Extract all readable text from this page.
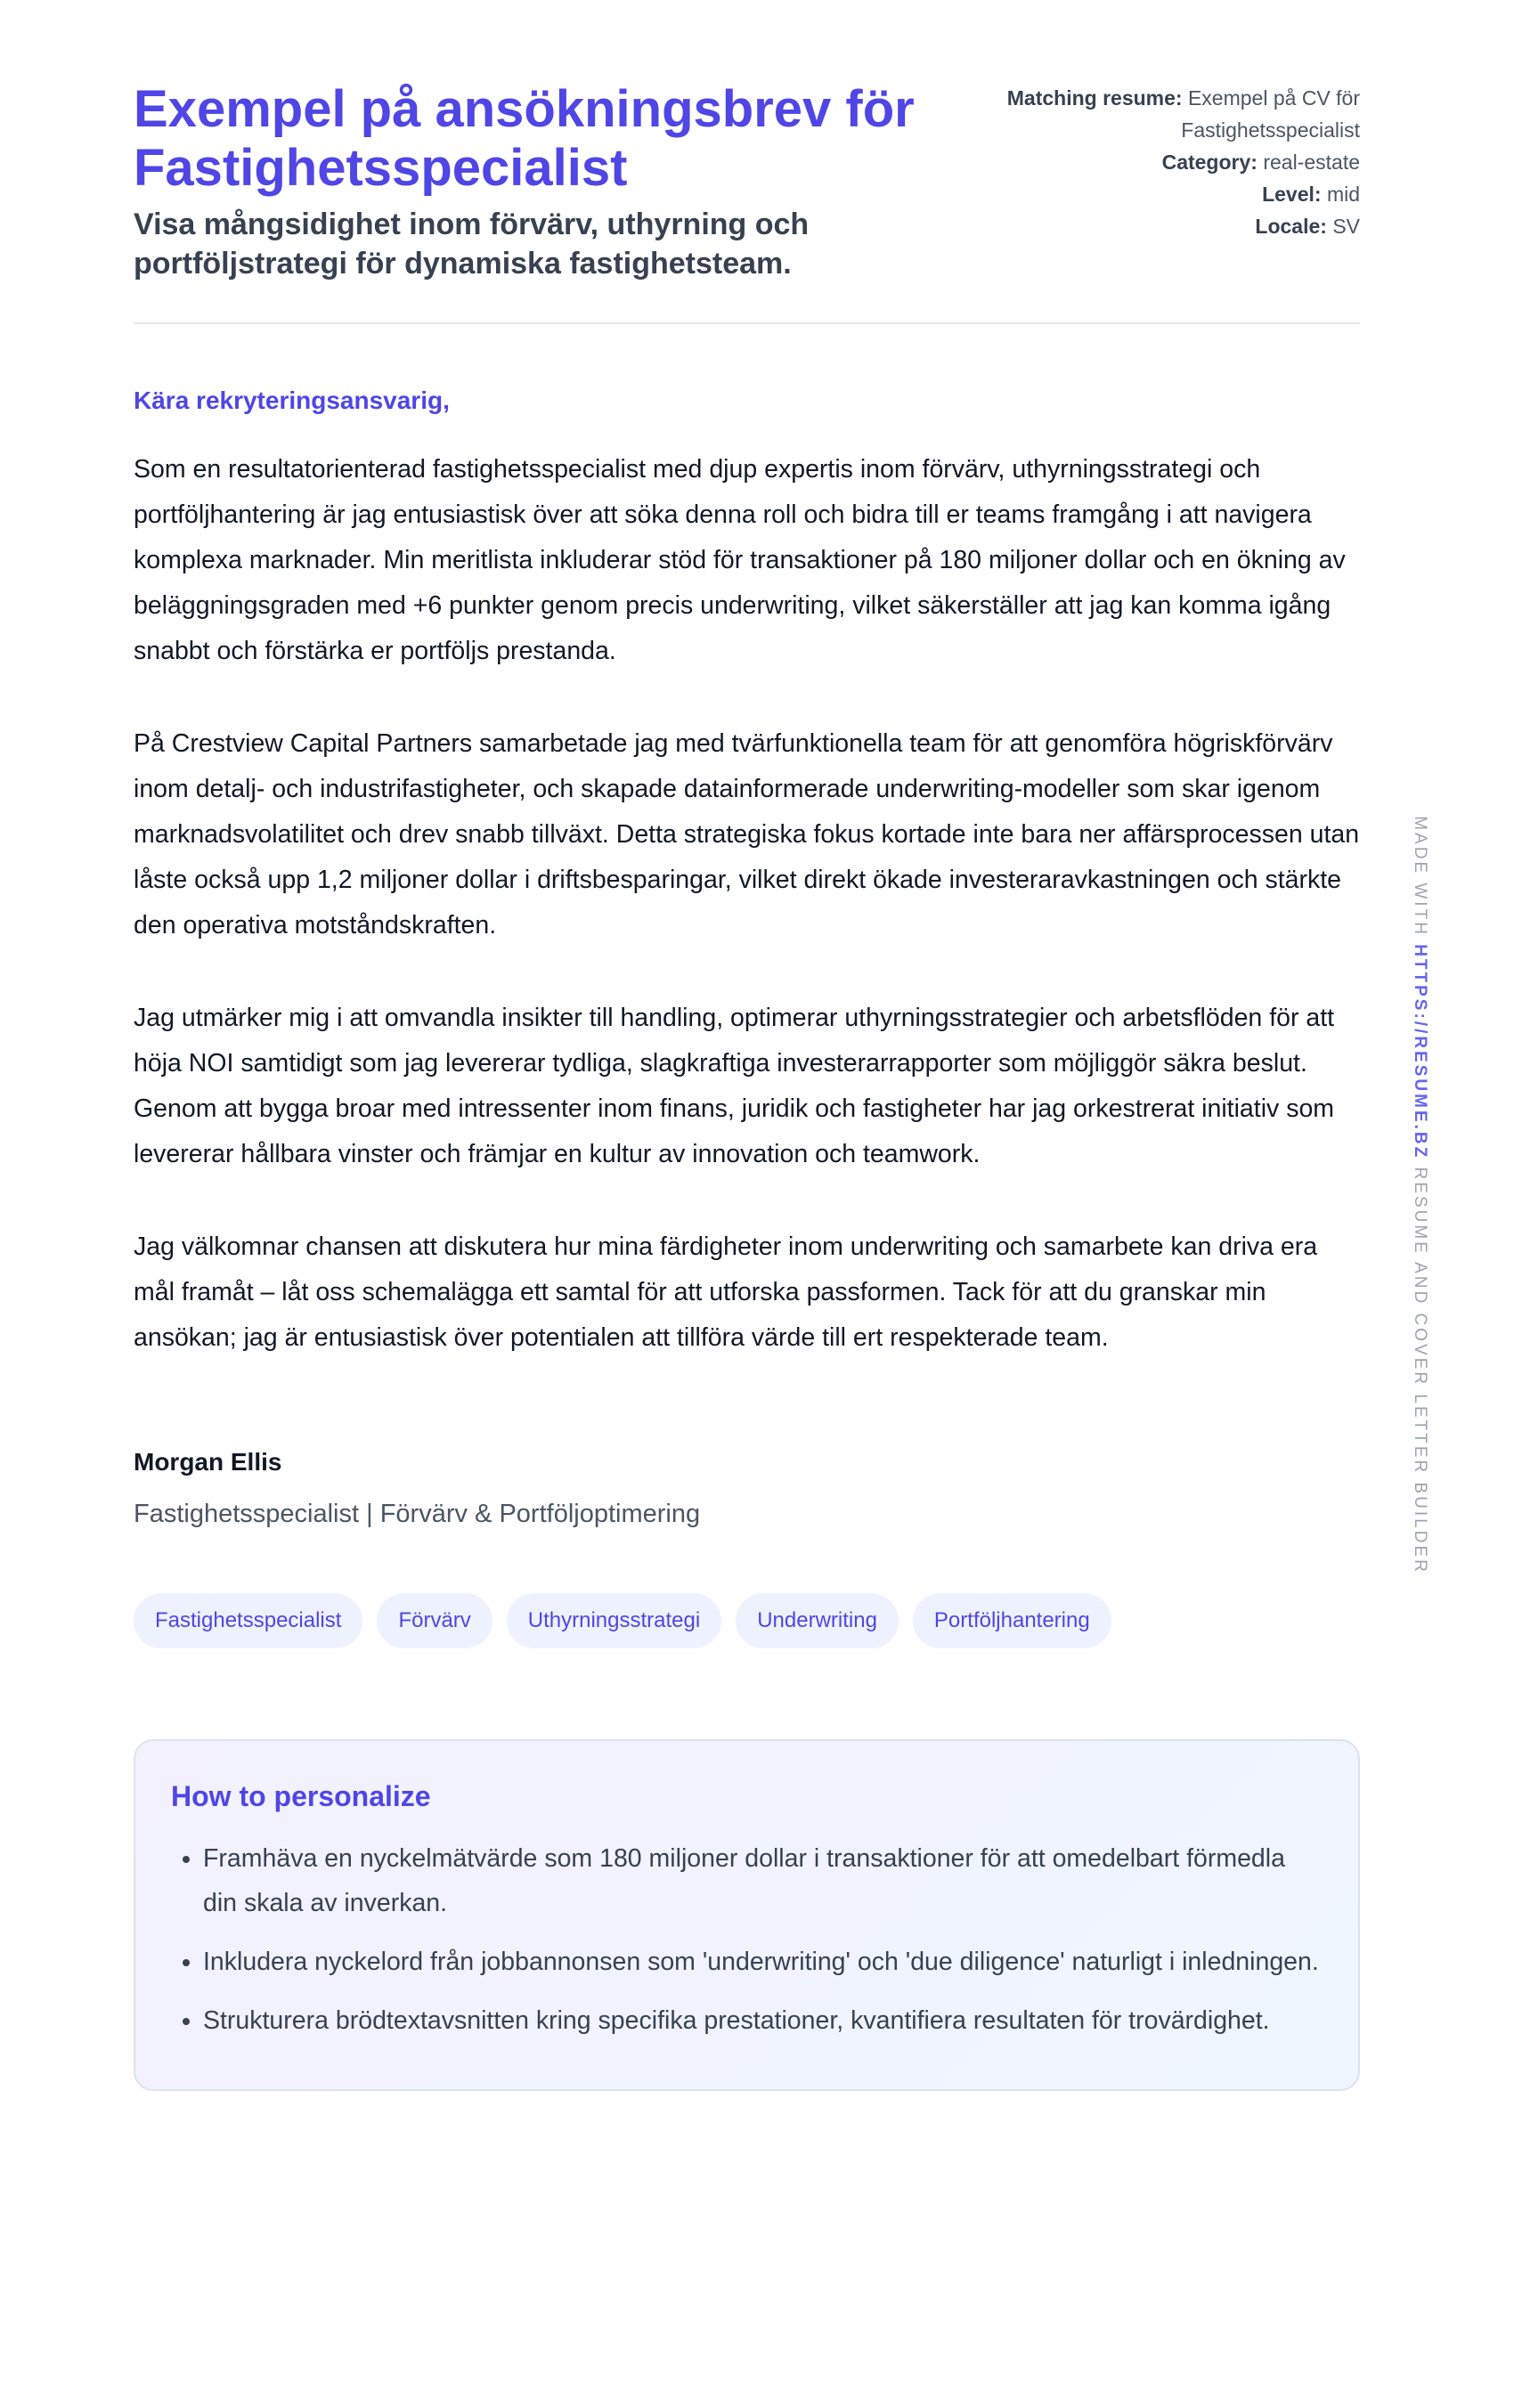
Exempel på ansökningsbrev för Fastighetsspecialist
Visa mångsidighet inom förvärv, uthyrning och portföljstrategi för dynamiska fastighetsteam.
Matching resume: Exempel på CV för Fastighetsspecialist
Category: real-estate
Level: mid
Locale: SV
Kära rekryteringsansvarig,

Som en resultatorienterad fastighetsspecialist med djup expertis inom förvärv, uthyrningsstrategi och portföljhantering är jag entusiastisk över att söka denna roll och bidra till er teams framgång i att navigera komplexa marknader. Min meritlista inkluderar stöd för transaktioner på 180 miljoner dollar och en ökning av beläggningsgraden med +6 punkter genom precis underwriting, vilket säkerställer att jag kan komma igång snabbt och förstärka er portföljs prestanda.

På Crestview Capital Partners samarbetade jag med tvärfunktionella team för att genomföra högriskförvärv inom detalj- och industrifastigheter, och skapade datainformerade underwriting-modeller som skar igenom marknadsvolatilitet och drev snabb tillväxt. Detta strategiska fokus kortade inte bara ner affärsprocessen utan låste också upp 1,2 miljoner dollar i driftsbesparingar, vilket direkt ökade investeraravkastningen och stärkte den operativa motståndskraften.

Jag utmärker mig i att omvandla insikter till handling, optimerar uthyrningsstrategier och arbetsflöden för att höja NOI samtidigt som jag levererar tydliga, slagkraftiga investerarrapporter som möjliggör säkra beslut. Genom att bygga broar med intressenter inom finans, juridik och fastigheter har jag orkestrerat initiativ som levererar hållbara vinster och främjar en kultur av innovation och teamwork.

Jag välkomnar chansen att diskutera hur mina färdigheter inom underwriting och samarbete kan driva era mål framåt – låt oss schemalägga ett samtal för att utforska passformen. Tack för att du granskar min ansökan; jag är entusiastisk över potentialen att tillföra värde till ert respekterade team.

Morgan Ellis
Fastighetsspecialist | Förvärv & Portföljoptimering
Fastighetsspecialist	Förvärv	Uthyrningsstrategi	Underwriting	Portföljhantering
How to personalize
• Framhäva en nyckelmätvärde som 180 miljoner dollar i transaktioner för att omedelbart förmedla din skala av inverkan.
• Inkludera nyckelord från jobbannonsen som 'underwriting' och 'due diligence' naturligt i inledningen.
• Strukturera brödtextavsnitten kring specifika prestationer, kvantifiera resultaten för trovärdighet.
MADE WITH HTTPS://RESUME.BZ RESUME AND COVER LETTER BUILDER
